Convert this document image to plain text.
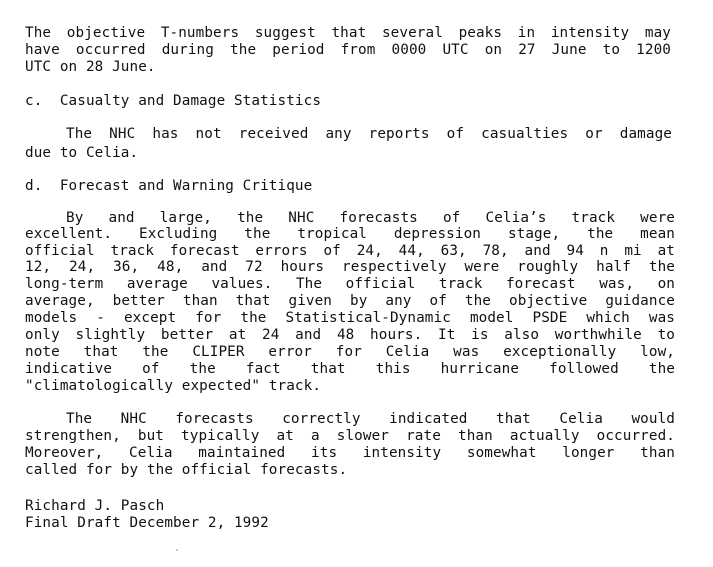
The objective T-numbers suggest that several peaks in intensity may
have occurred during the period from 0000 UTC on 27 June to 1200
UTC on 28 June.
c.  Casualty and Damage Statistics
The NHC has not received any reports of casualties or damage
due to Celia.
d.  Forecast and Warning Critique
By and large, the NHC forecasts of Celia’s track were
excellent. Excluding the tropical depression stage, the mean
official track forecast errors of 24, 44, 63, 78, and 94 n mi at
12, 24, 36, 48, and 72 hours respectively were roughly half the
long-term average values. The official track forecast was, on
average, better than that given by any of the objective guidance
models - except for the Statistical-Dynamic model PSDE which was
only slightly better at 24 and 48 hours. It is also worthwhile to
note that the CLIPER error for Celia was exceptionally low,
indicative of the fact that this hurricane followed the
"climatologically expected" track.
The NHC forecasts correctly indicated that Celia would
strengthen, but typically at a slower rate than actually occurred.
Moreover, Celia maintained its intensity somewhat longer than
called for by the official forecasts.
Richard J. Pasch
Final Draft December 2, 1992
